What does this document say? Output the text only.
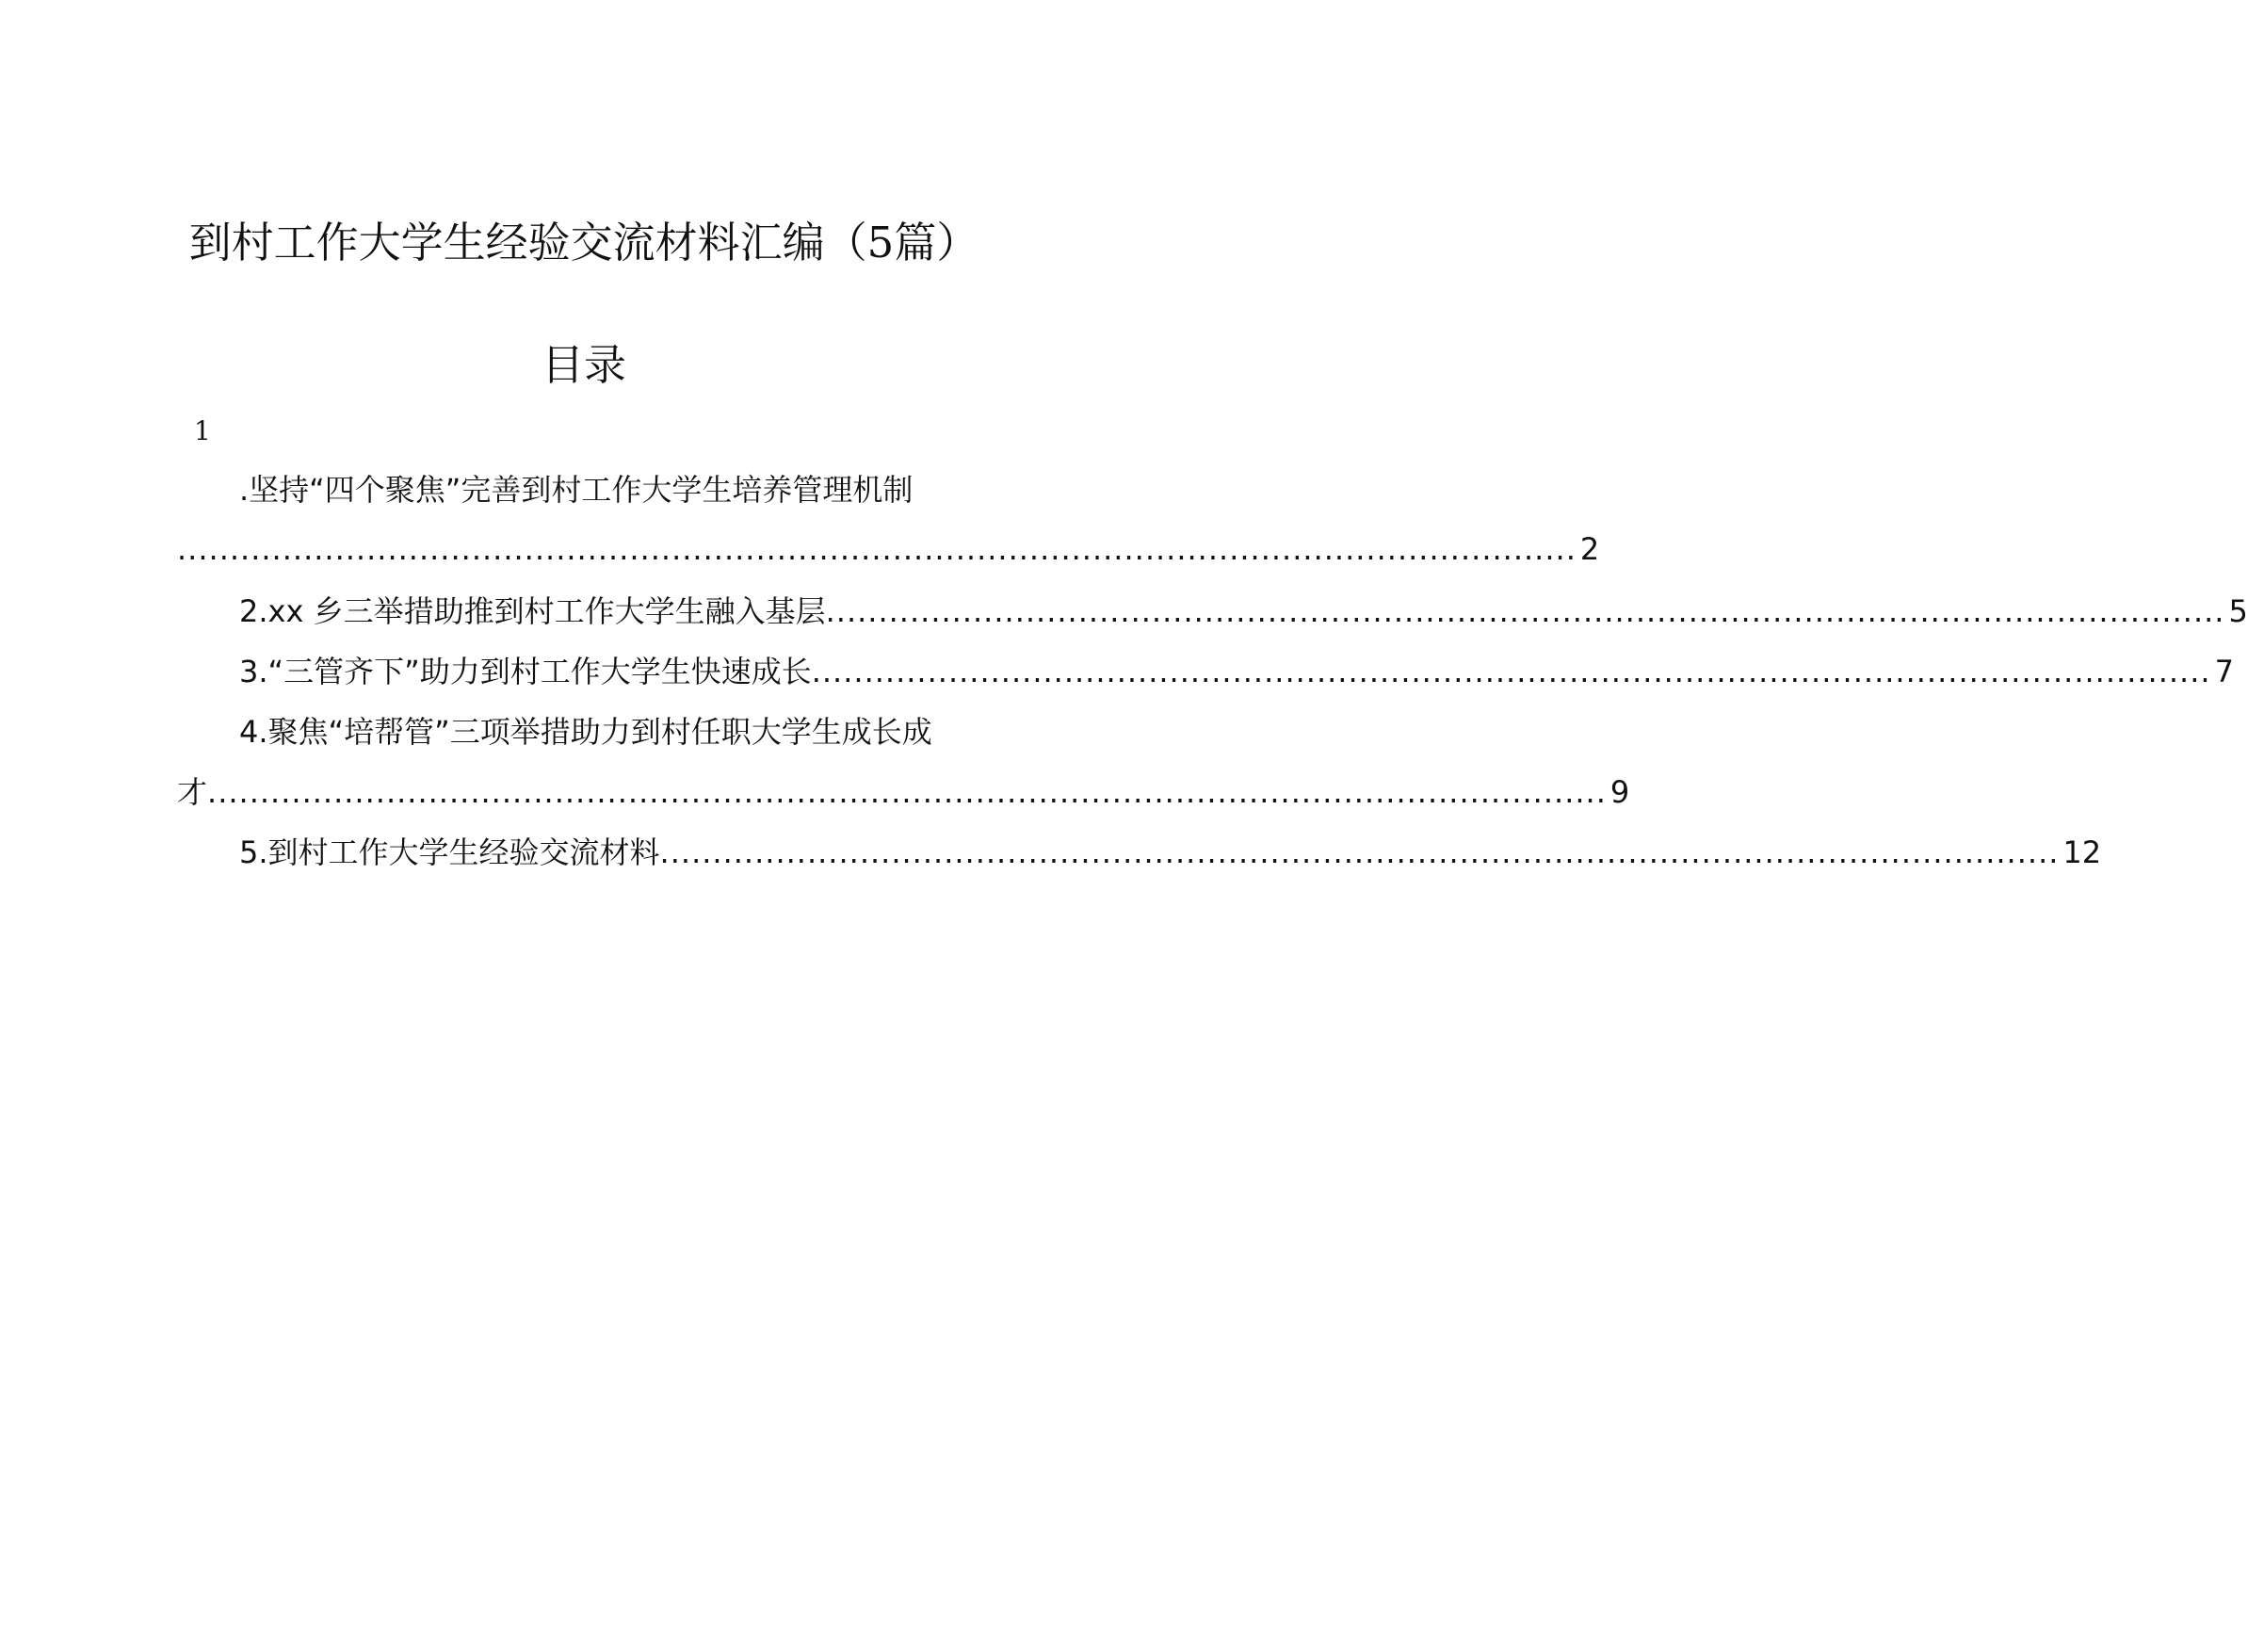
到村工作大学生经验交流材料汇编（5篇）
目录
1
.坚持“四个聚焦”完善到村工作大学生培养管理机制
..................................................................................................................................... 2
2.xx 乡三举措助推到村工作大学生融入基层 ..................................................................................................................................... 5
3.“三管齐下”助力到村工作大学生快速成长 ..................................................................................................................................... 7
4.聚焦“培帮管”三项举措助力到村任职大学生成长成
才 ..................................................................................................................................... 9
5.到村工作大学生经验交流材料 ..................................................................................................................................... 12
